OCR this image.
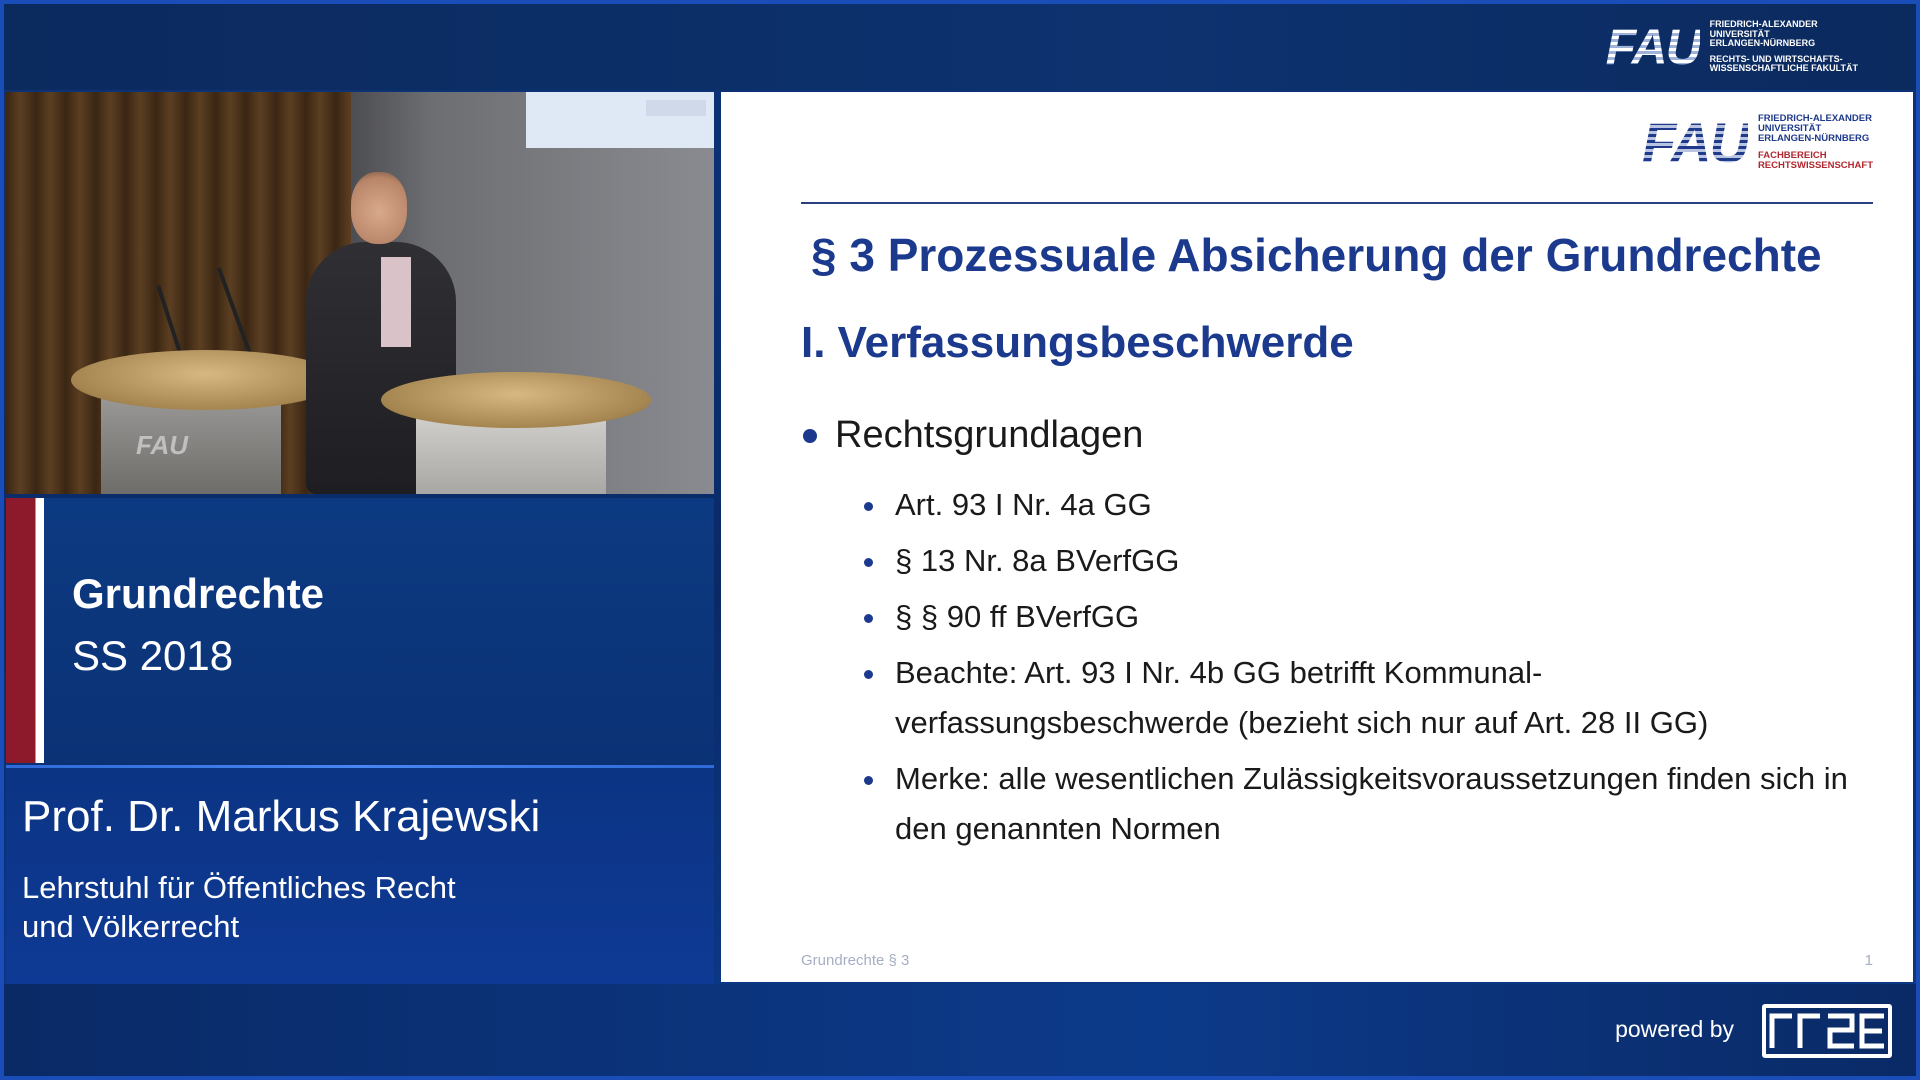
FAU FRIEDRICH-ALEXANDER
UNIVERSITÄT
ERLANGEN-NÜRNBERG
RECHTS- UND WIRTSCHAFTS-
WISSENSCHAFTLICHE FAKULTÄT
FAU
Grundrechte
SS 2018
Prof. Dr. Markus Krajewski
Lehrstuhl für Öffentliches Recht
und Völkerrecht
FAU FRIEDRICH-ALEXANDER
UNIVERSITÄT
ERLANGEN-NÜRNBERG
FACHBEREICH
RECHTSWISSENSCHAFT
§ 3 Prozessuale Absicherung der Grundrechte
I. Verfassungsbeschwerde
Rechtsgrundlagen
Art. 93 I Nr. 4a GG
§ 13 Nr. 8a BVerfGG
§ § 90 ff BVerfGG
Beachte: Art. 93 I Nr. 4b GG betrifft Kommunal-verfassungsbeschwerde (bezieht sich nur auf Art. 28 II GG)
Merke: alle wesentlichen Zulässigkeitsvoraussetzungen finden sich in den genannten Normen
Grundrechte § 3	1
powered by
